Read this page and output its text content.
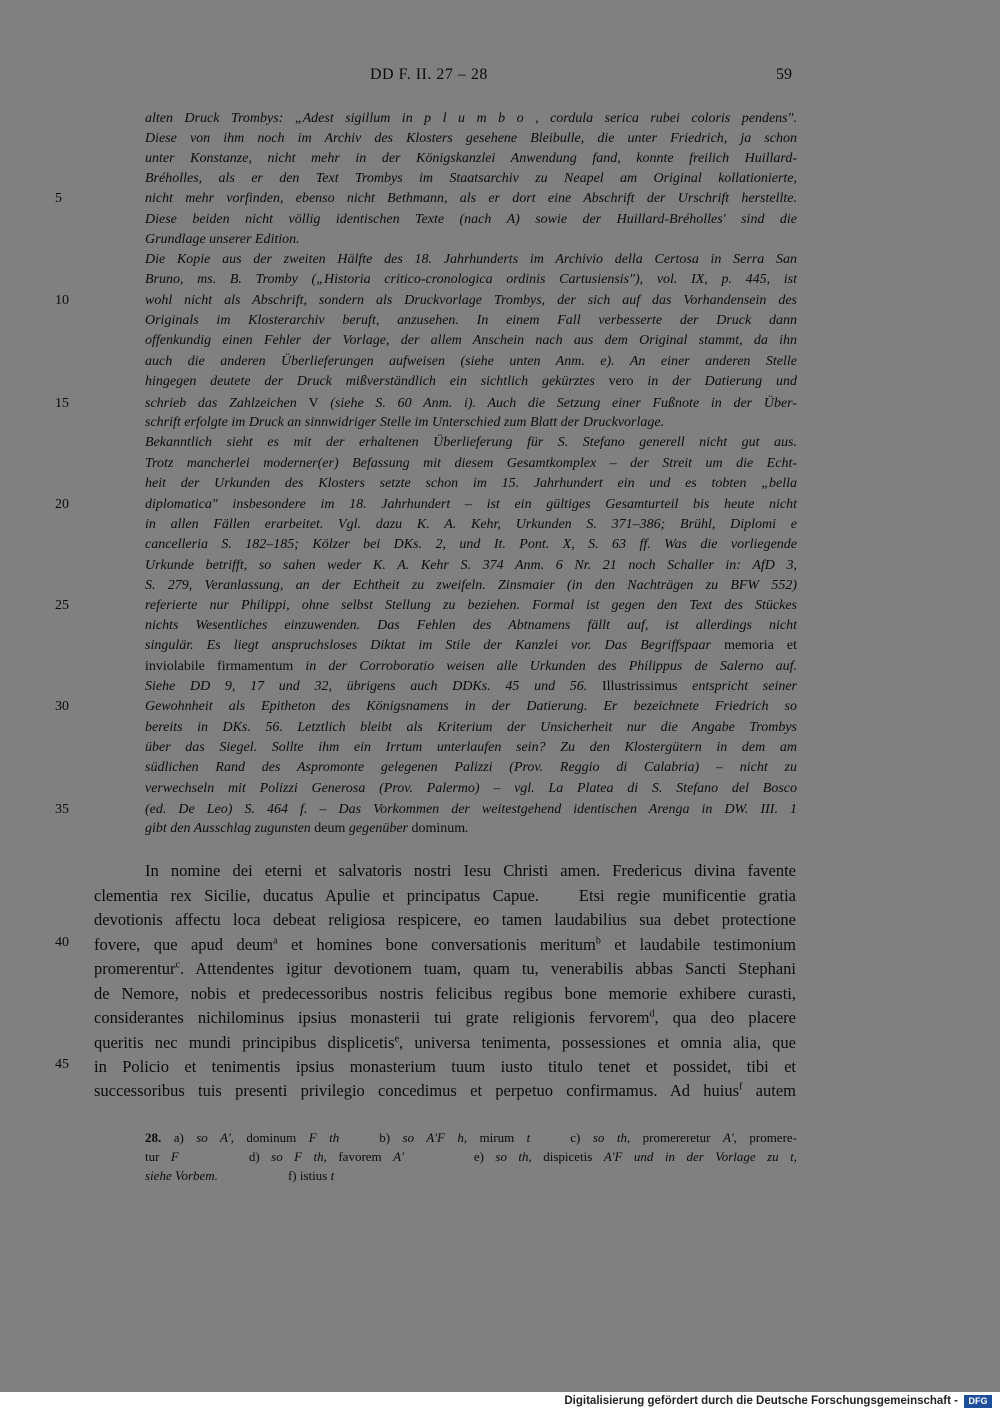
DD F. II. 27 – 28	59
5
10
15
20
25
30
35
40
45
alten Druck Trombys: „Adest sigillum in p l u m b o , cordula serica rubei coloris pendens".
Diese von ihm noch im Archiv des Klosters gesehene Bleibulle, die unter Friedrich, ja schon
unter Konstanze, nicht mehr in der Königskanzlei Anwendung fand, konnte freilich Huillard-
Bréholles, als er den Text Trombys im Staatsarchiv zu Neapel am Original kollationierte,
nicht mehr vorfinden, ebenso nicht Bethmann, als er dort eine Abschrift der Urschrift herstellte.
Diese beiden nicht völlig identischen Texte (nach A) sowie der Huillard-Bréholles' sind die
Grundlage unserer Edition.
Die Kopie aus der zweiten Hälfte des 18. Jahrhunderts im Archivio della Certosa in Serra San
Bruno, ms. B. Tromby („Historia critico-cronologica ordinis Cartusiensis"), vol. IX, p. 445, ist
wohl nicht als Abschrift, sondern als Druckvorlage Trombys, der sich auf das Vorhandensein des
Originals im Klosterarchiv beruft, anzusehen. In einem Fall verbesserte der Druck dann
offenkundig einen Fehler der Vorlage, der allem Anschein nach aus dem Original stammt, da ihn
auch die anderen Überlieferungen aufweisen (siehe unten Anm. e). An einer anderen Stelle
hingegen deutete der Druck mißverständlich ein sichtlich gekürztes vero in der Datierung und
schrieb das Zahlzeichen V (siehe S. 60 Anm. i). Auch die Setzung einer Fußnote in der Über-
schrift erfolgte im Druck an sinnwidriger Stelle im Unterschied zum Blatt der Druckvorlage.
Bekanntlich sieht es mit der erhaltenen Überlieferung für S. Stefano generell nicht gut aus.
Trotz mancherlei moderner(er) Befassung mit diesem Gesamtkomplex – der Streit um die Echt-
heit der Urkunden des Klosters setzte schon im 15. Jahrhundert ein und es tobten „bella
diplomatica" insbesondere im 18. Jahrhundert – ist ein gültiges Gesamturteil bis heute nicht
in allen Fällen erarbeitet. Vgl. dazu K. A. Kehr, Urkunden S. 371–386; Brühl, Diplomi e
cancelleria S. 182–185; Kölzer bei DKs. 2, und It. Pont. X, S. 63 ff. Was die vorliegende
Urkunde betrifft, so sahen weder K. A. Kehr S. 374 Anm. 6 Nr. 21 noch Schaller in: AfD 3,
S. 279, Veranlassung, an der Echtheit zu zweifeln. Zinsmaier (in den Nachträgen zu BFW 552)
referierte nur Philippi, ohne selbst Stellung zu beziehen. Formal ist gegen den Text des Stückes
nichts Wesentliches einzuwenden. Das Fehlen des Abtnamens fällt auf, ist allerdings nicht
singulär. Es liegt anspruchsloses Diktat im Stile der Kanzlei vor. Das Begriffspaar memoria et
inviolabile firmamentum in der Corroboratio weisen alle Urkunden des Philippus de Salerno auf.
Siehe DD 9, 17 und 32, übrigens auch DDKs. 45 und 56. Illustrissimus entspricht seiner
Gewohnheit als Epitheton des Königsnamens in der Datierung. Er bezeichnete Friedrich so
bereits in DKs. 56. Letztlich bleibt als Kriterium der Unsicherheit nur die Angabe Trombys
über das Siegel. Sollte ihm ein Irrtum unterlaufen sein? Zu den Klostergütern in dem am
südlichen Rand des Aspromonte gelegenen Palizzi (Prov. Reggio di Calabria) – nicht zu
verwechseln mit Polizzi Generosa (Prov. Palermo) – vgl. La Platea di S. Stefano del Bosco
(ed. De Leo) S. 464 f. – Das Vorkommen der weitestgehend identischen Arenga in DW. III. 1
gibt den Ausschlag zugunsten deum gegenüber dominum.
In nomine dei eterni et salvatoris nostri Iesu Christi amen. Fredericus divina favente
clementia rex Sicilie, ducatus Apulie et principatus Capue. Etsi regie munificentie gratia
devotionis affectu loca debeat religiosa respicere, eo tamen laudabilius sua debet protectione
fovere, que apud deum$^a$ et homines bone conversationis meritum$^b$ et laudabile testimonium
promerentur$^c$. Attendentes igitur devotionem tuam, quam tu, venerabilis abbas Sancti Stephani
de Nemore, nobis et predecessoribus nostris felicibus regibus bone memorie exhibere curasti,
considerantes nichilominus ipsius monasterii tui grate religionis fervorem$^d$, qua deo placere
queritis nec mundi principibus displicetis$^e$, universa tenimenta, possessiones et omnia alia, que
in Policio et tenimentis ipsius monasterium tuum iusto titulo tenet et possidet, tibi et
successoribus tuis presenti privilegio concedimus et perpetuo confirmamus. Ad huius$^f$ autem
28. a) so A', dominum F th	b) so A'F h, mirum t	c) so th, promereretur A', promere-
tur F	d) so F th, favorem A'	e) so th, dispicetis A'F und in der Vorlage zu t,
siehe Vorbem.	f) istius t
Digitalisierung gefördert durch die Deutsche Forschungsgemeinschaft -	DFG
